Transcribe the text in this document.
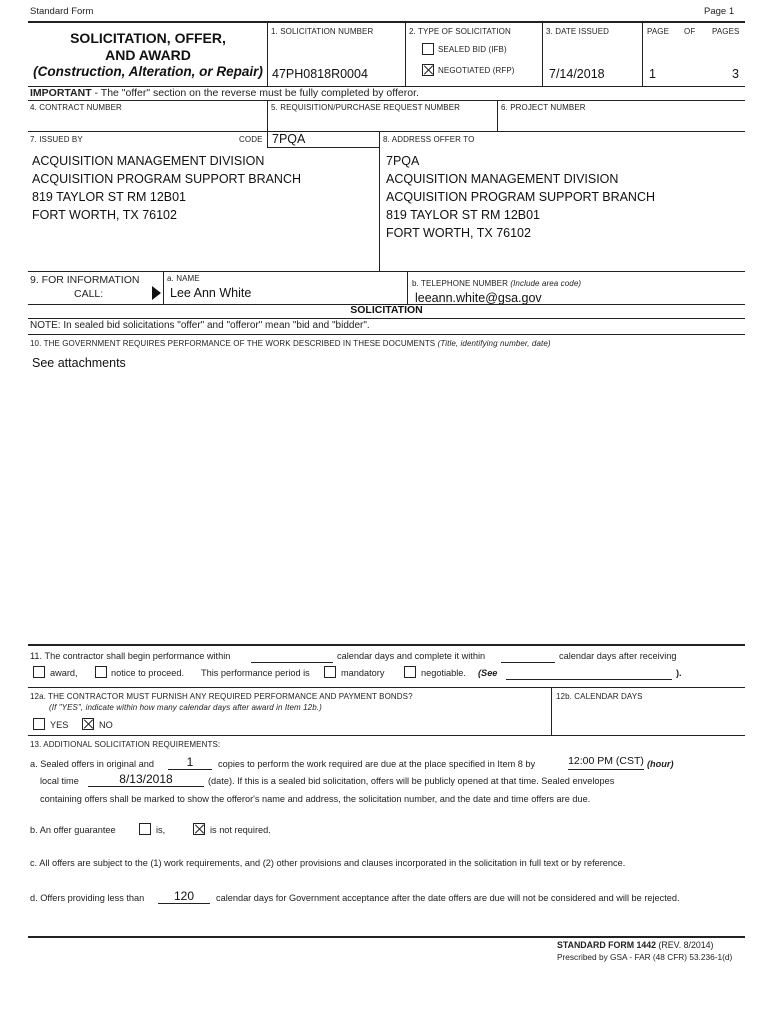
Standard Form	Page 1
SOLICITATION, OFFER,
AND AWARD
(Construction, Alteration, or Repair)
1. SOLICITATION NUMBER
47PH0818R0004
2. TYPE OF SOLICITATION
SEALED BID (IFB)
NEGOTIATED (RFP)
3. DATE ISSUED
7/14/2018
PAGE OF PAGES
1	3
IMPORTANT - The "offer" section on the reverse must be fully completed by offeror.
4. CONTRACT NUMBER	5. REQUISITION/PURCHASE REQUEST NUMBER	6. PROJECT NUMBER
7. ISSUED BY	CODE 7PQA	8. ADDRESS OFFER TO
ACQUISITION MANAGEMENT DIVISION
ACQUISITION PROGRAM SUPPORT BRANCH
819 TAYLOR ST RM 12B01
FORT WORTH, TX 76102
7PQA
ACQUISITION MANAGEMENT DIVISION
ACQUISITION PROGRAM SUPPORT BRANCH
819 TAYLOR ST RM 12B01
FORT WORTH, TX 76102
9. FOR INFORMATION
CALL:
a. NAME
Lee Ann White
b. TELEPHONE NUMBER (Include area code)
leeann.white@gsa.gov
SOLICITATION
NOTE: In sealed bid solicitations "offer" and "offeror" mean "bid and "bidder".
10. THE GOVERNMENT REQUIRES PERFORMANCE OF THE WORK DESCRIBED IN THESE DOCUMENTS (Title, identifying number, date)
See attachments
11. The contractor shall begin performance within	calendar days and complete it within	calendar days after receiving
award,	notice to proceed. This performance period is	mandatory	negotiable. (See	).
12a. THE CONTRACTOR MUST FURNISH ANY REQUIRED PERFORMANCE AND PAYMENT BONDS?
(If "YES", indicate within how many calendar days after award in Item 12b.)
YES	NO
12b. CALENDAR DAYS
13. ADDITIONAL SOLICITATION REQUIREMENTS:
a. Sealed offers in original and	1	copies to perform the work required are due at the place specified in Item 8 by	12:00 PM (CST) (hour)
local time	8/13/2018	(date). If this is a sealed bid solicitation, offers will be publicly opened at that time. Sealed envelopes
containing offers shall be marked to show the offeror's name and address, the solicitation number, and the date and time offers are due.
b. An offer guarantee	is,	is not required.
c. All offers are subject to the (1) work requirements, and (2) other provisions and clauses incorporated in the solicitation in full text or by reference.
d. Offers providing less than	120	calendar days for Government acceptance after the date offers are due will not be considered and will be rejected.
STANDARD FORM 1442 (REV. 8/2014)
Prescribed by GSA - FAR (48 CFR) 53.236-1(d)
